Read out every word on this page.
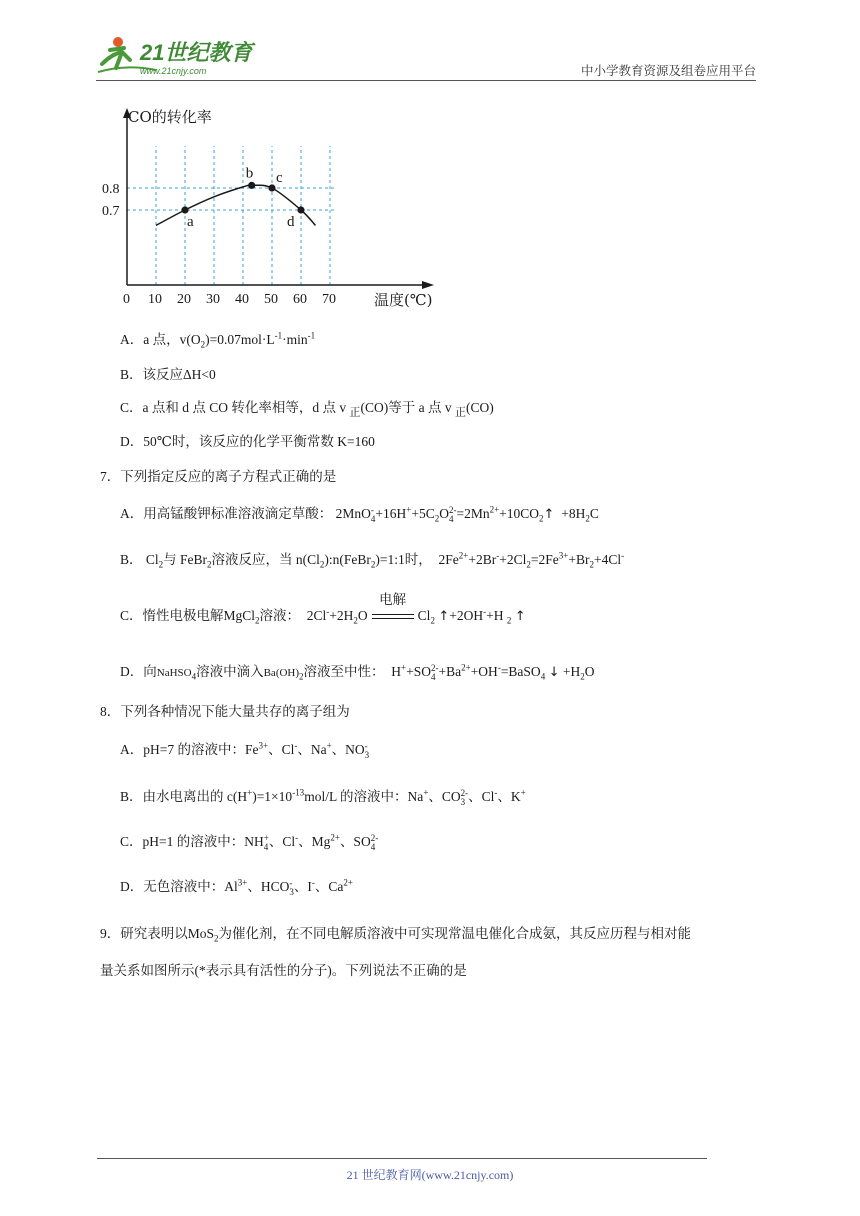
21世纪教育
www.21cnjy.com	中小学教育资源及组卷应用平台
CO的转化率
温度(℃)
0 10 20 30 40 50 60 70
0.8
0.7
a
b c
d
A．a 点，$v(O_2)=0.07mol\cdot L^{-1}\cdot\min^{-1}$
B．该反应ΔH<0
C．a 点和 d 点 CO 转化率相等，d 点 v $_正$(CO)等于 a 点 v $_正$(CO)
D．50℃时，该反应的化学平衡常数 K=160
7．下列指定反应的离子方程式正确的是
A．用高锰酸钾标准溶液滴定草酸： 2MnO -
$4 +16H^++5C_2O$ 2-
$4 =2Mn^{2+}+10CO_2↑ +8H_2C$
B． $Cl_2$与 FeBr$_2$溶液反应，当 $n(Cl_2):n(FeBr_2)=1:1$时， $2Fe^{2+}+2Br^-+2Cl_2=2Fe^{3+}+Br_2+4Cl^-$
C．惰性电极电解MgCl$_2$溶液： $2Cl^-+2H_2O$
电解
$Cl_2$ ↑+2OH-+H $_2$ ↑
D．向NaHSO$_4$溶液中滴入$Ba(OH)_2$溶液至中性： H++SO 2-
$4 +Ba^{2+}+OH^-=BaSO_4$ ↓ $+H_2O$
8．下列各种情况下能大量共存的离子组为
A．pH=7 的溶液中：$Fe^{3+}$、Cl-、Na+、NO -
3
B．由水电离出的 $c(H^+)=1\times 10^{-13}mol/L$ 的溶液中：Na+、CO 2-
3 、Cl-、K+
C．pH=1 的溶液中：NH +
4 、Cl-、$Mg^{2+}$、SO 2-
4
D．无色溶液中：$Al^{3+}$、HCO -
3 、I-、$Ca^{2+}$
9．研究表明以MoS$_2$为催化剂，在不同电解质溶液中可实现常温电催化合成氨，其反应历程与相对能
量关系如图所示(*表示具有活性的分子)。下列说法不正确的是
21 世纪教育网(www.21cnjy.com)
